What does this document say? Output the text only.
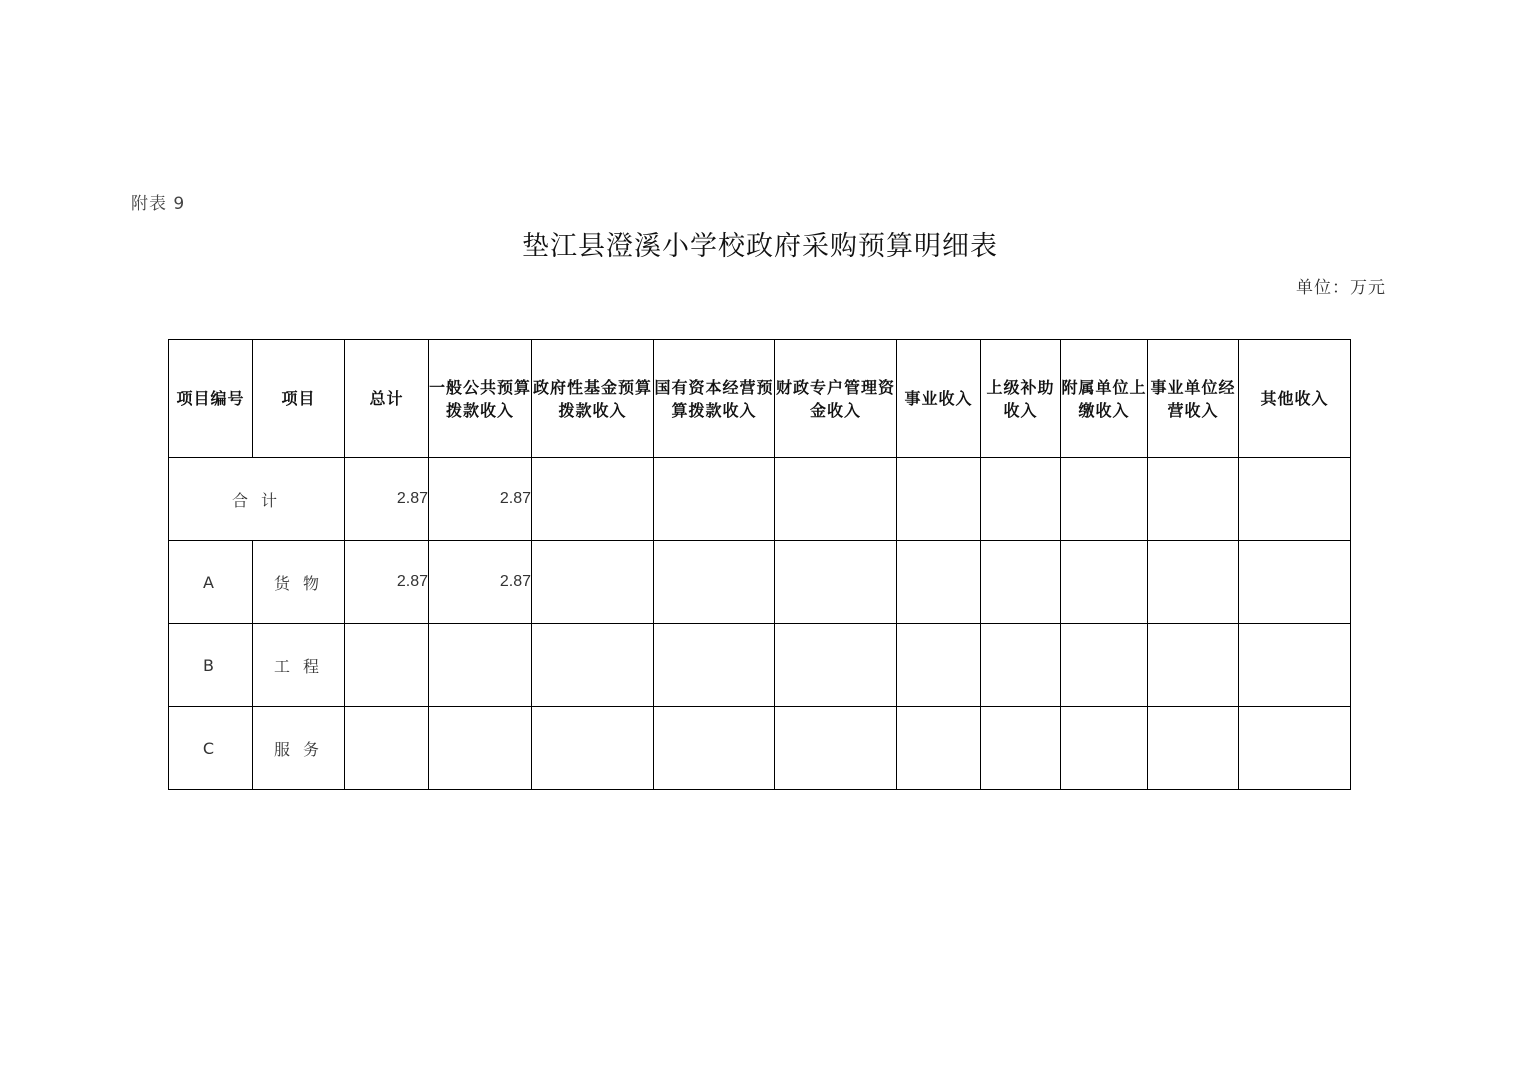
附表 9
垫江县澄溪小学校政府采购预算明细表
单位：万元
项目编号	项目	总计	一般公共预算拨款收入	政府性基金预算拨款收入	国有资本经营预算拨款收入	财政专户管理资金收入	事业收入	上级补助收入	附属单位上缴收入	事业单位经营收入	其他收入
合 计		2.87	2.87								
A	货 物	2.87	2.87								
B	工 程										
C	服 务										
